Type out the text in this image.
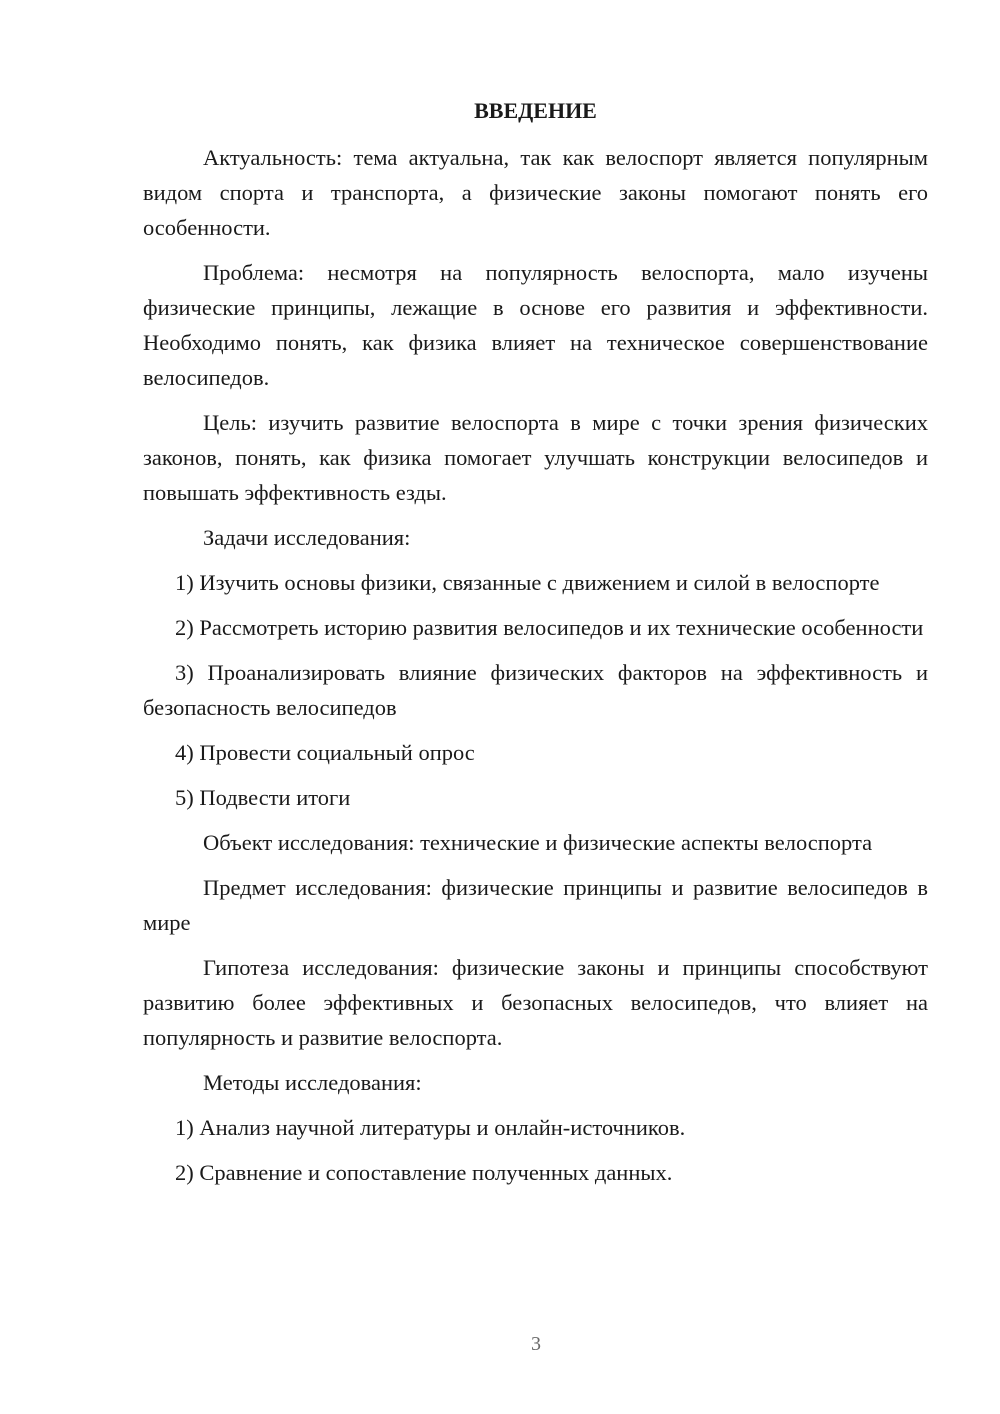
ВВЕДЕНИЕ

Актуальность: тема актуальна, так как велоспорт является популярным видом спорта и транспорта, а физические законы помогают понять его особенности.

Проблема: несмотря на популярность велоспорта, мало изучены физические принципы, лежащие в основе его развития и эффективности. Необходимо понять, как физика влияет на техническое совершенствование велосипедов.

Цель: изучить развитие велоспорта в мире с точки зрения физических законов, понять, как физика помогает улучшать конструкции велосипедов и повышать эффективность езды.

Задачи исследования:

1) Изучить основы физики, связанные с движением и силой в велоспорте

2) Рассмотреть историю развития велосипедов и их технические особенности

3) Проанализировать влияние физических факторов на эффективность и безопасность велосипедов

4) Провести социальный опрос

5) Подвести итоги

Объект исследования: технические и физические аспекты велоспорта

Предмет исследования: физические принципы и развитие велосипедов в мире

Гипотеза исследования: физические законы и принципы способствуют развитию более эффективных и безопасных велосипедов, что влияет на популярность и развитие велоспорта.

Методы исследования:

1) Анализ научной литературы и онлайн-источников.

2) Сравнение и сопоставление полученных данных.

3
